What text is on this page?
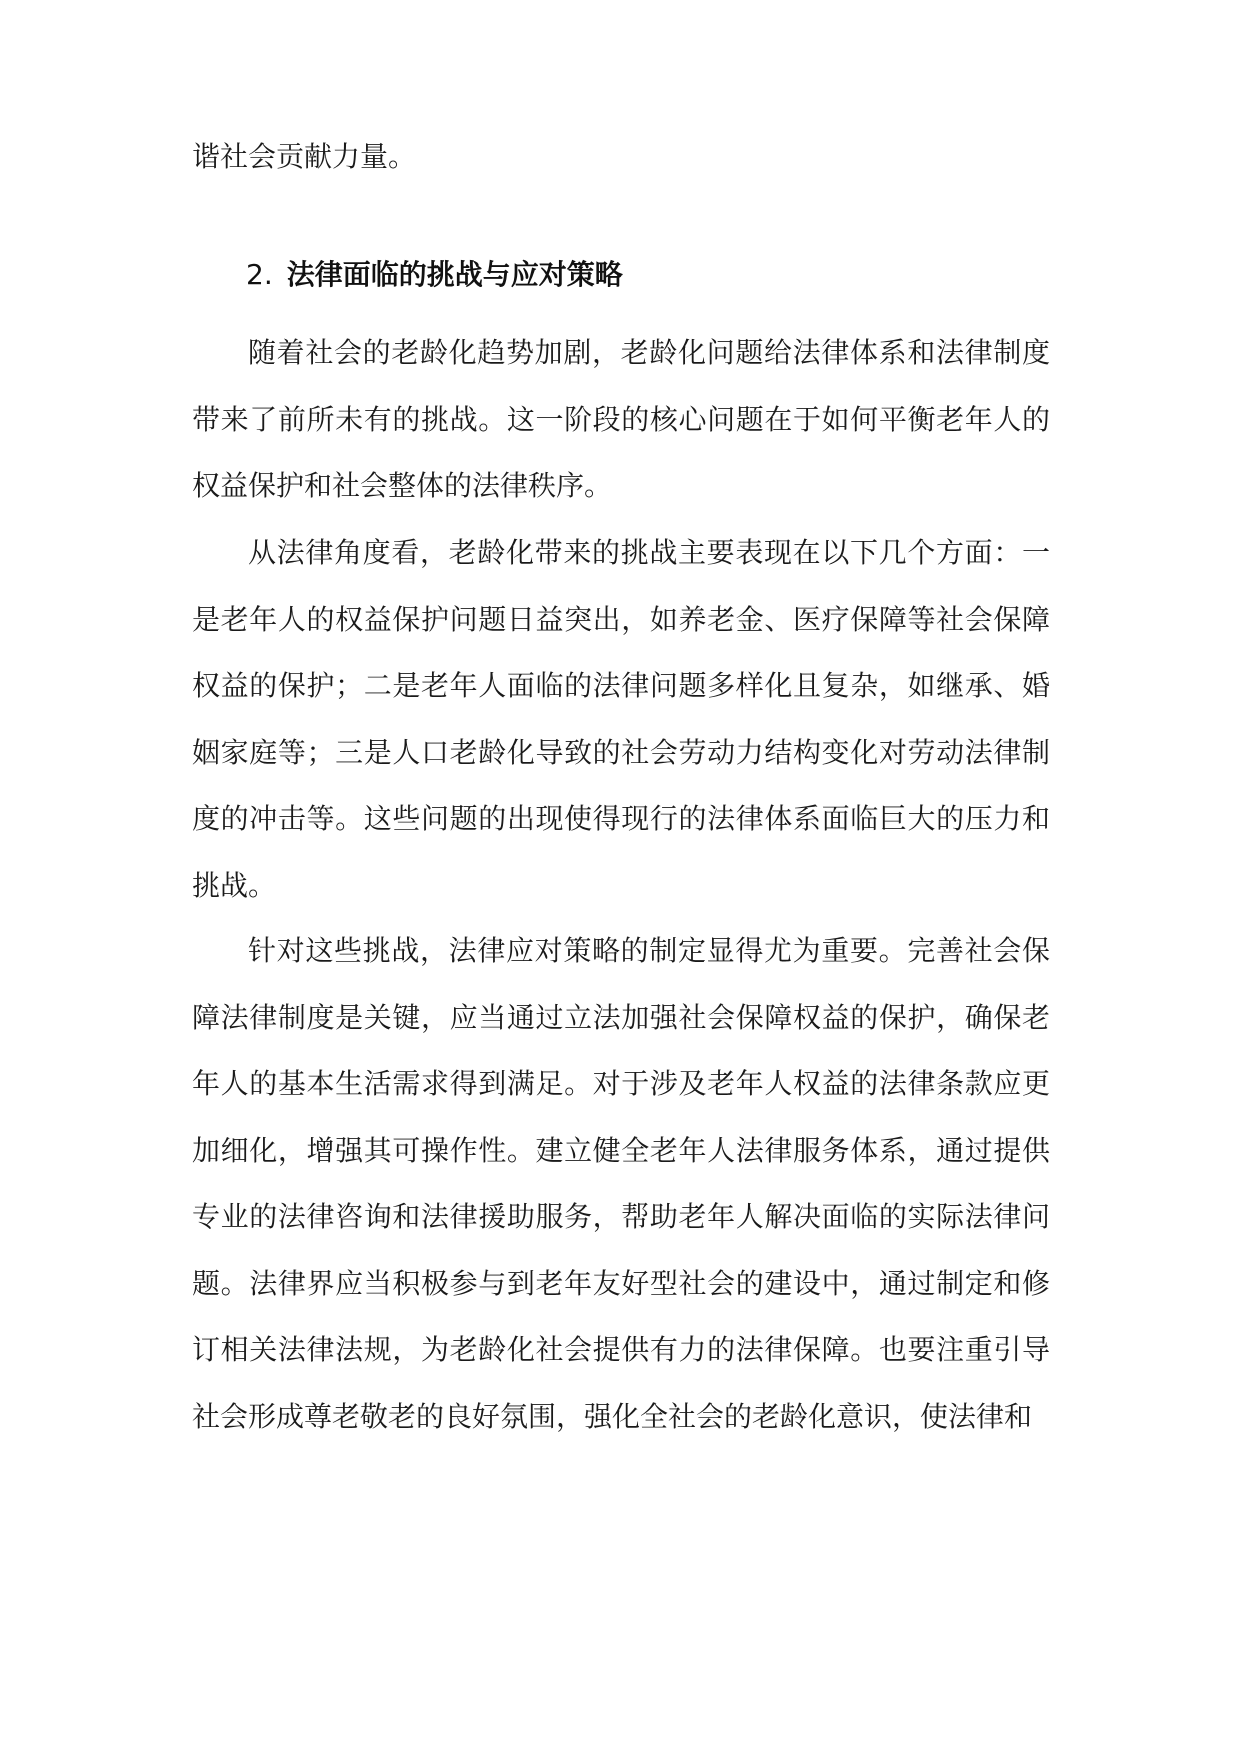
谐社会贡献力量。

2. 法律面临的挑战与应对策略

随着社会的老龄化趋势加剧，老龄化问题给法律体系和法律制度带来了前所未有的挑战。这一阶段的核心问题在于如何平衡老年人的权益保护和社会整体的法律秩序。

从法律角度看，老龄化带来的挑战主要表现在以下几个方面：一是老年人的权益保护问题日益突出，如养老金、医疗保障等社会保障权益的保护；二是老年人面临的法律问题多样化且复杂，如继承、婚姻家庭等；三是人口老龄化导致的社会劳动力结构变化对劳动法律制度的冲击等。这些问题的出现使得现行的法律体系面临巨大的压力和挑战。

针对这些挑战，法律应对策略的制定显得尤为重要。完善社会保障法律制度是关键，应当通过立法加强社会保障权益的保护，确保老年人的基本生活需求得到满足。对于涉及老年人权益的法律条款应更加细化，增强其可操作性。建立健全老年人法律服务体系，通过提供专业的法律咨询和法律援助服务，帮助老年人解决面临的实际法律问题。法律界应当积极参与到老年友好型社会的建设中，通过制定和修订相关法律法规，为老龄化社会提供有力的法律保障。也要注重引导社会形成尊老敬老的良好氛围，强化全社会的老龄化意识，使法律和
